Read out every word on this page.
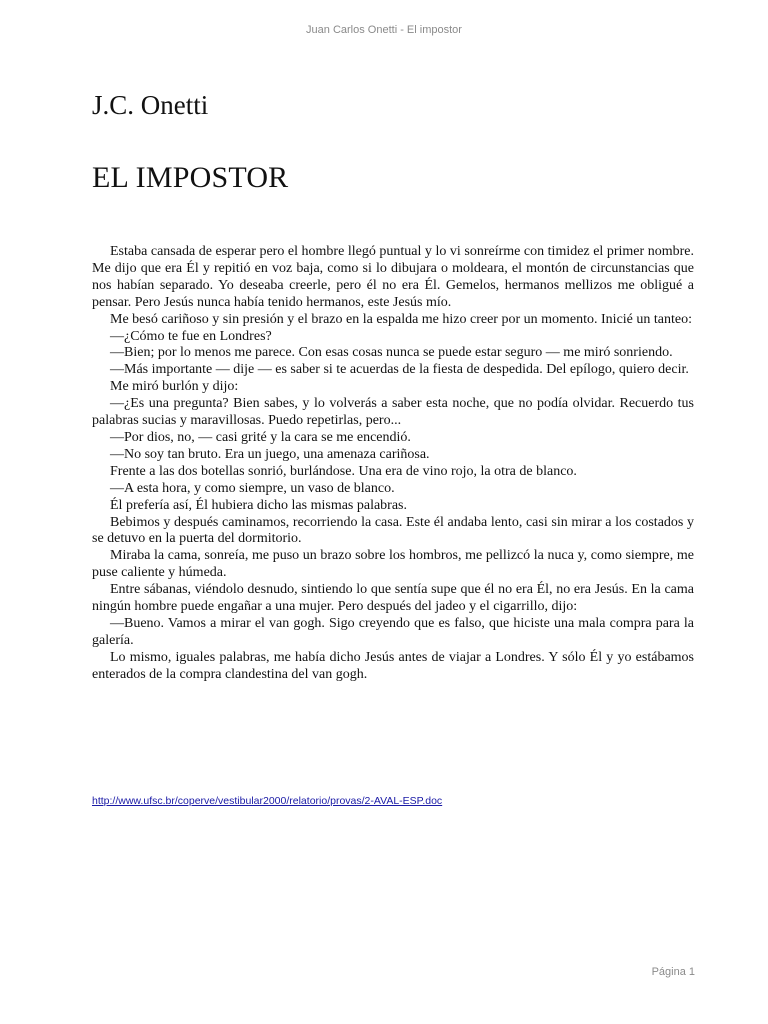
Juan Carlos Onetti - El impostor
J.C. Onetti
EL IMPOSTOR

Estaba cansada de esperar pero el hombre llegó puntual y lo vi sonreírme con timidez el primer nombre. Me dijo que era Él y repitió en voz baja, como si lo dibujara o moldeara, el montón de circunstancias que nos habían separado. Yo deseaba creerle, pero él no era Él. Gemelos, hermanos mellizos me obligué a pensar. Pero Jesús nunca había tenido hermanos, este Jesús mío.

Me besó cariñoso y sin presión y el brazo en la espalda me hizo creer por un momento. Inicié un tanteo:

—¿Cómo te fue en Londres?

—Bien; por lo menos me parece. Con esas cosas nunca se puede estar seguro — me miró sonriendo.

—Más importante — dije — es saber si te acuerdas de la fiesta de despedida. Del epílogo, quiero decir.

Me miró burlón y dijo:

—¿Es una pregunta? Bien sabes, y lo volverás a saber esta noche, que no podía olvidar. Recuerdo tus palabras sucias y maravillosas. Puedo repetirlas, pero...

—Por dios, no, — casi grité y la cara se me encendió.

—No soy tan bruto. Era un juego, una amenaza cariñosa.

Frente a las dos botellas sonrió, burlándose. Una era de vino rojo, la otra de blanco.

—A esta hora, y como siempre, un vaso de blanco.

Él prefería así, Él hubiera dicho las mismas palabras.

Bebimos y después caminamos, recorriendo la casa. Este él andaba lento, casi sin mirar a los costados y se detuvo en la puerta del dormitorio.

Miraba la cama, sonreía, me puso un brazo sobre los hombros, me pellizcó la nuca y, como siempre, me puse caliente y húmeda.

Entre sábanas, viéndolo desnudo, sintiendo lo que sentía supe que él no era Él, no era Jesús. En la cama ningún hombre puede engañar a una mujer. Pero después del jadeo y el cigarrillo, dijo:

—Bueno. Vamos a mirar el van gogh. Sigo creyendo que es falso, que hiciste una mala compra para la galería.

Lo mismo, iguales palabras, me había dicho Jesús antes de viajar a Londres. Y sólo Él y yo estábamos enterados de la compra clandestina del van gogh.

http://www.ufsc.br/coperve/vestibular2000/relatorio/provas/2-AVAL-ESP.doc
Página 1
